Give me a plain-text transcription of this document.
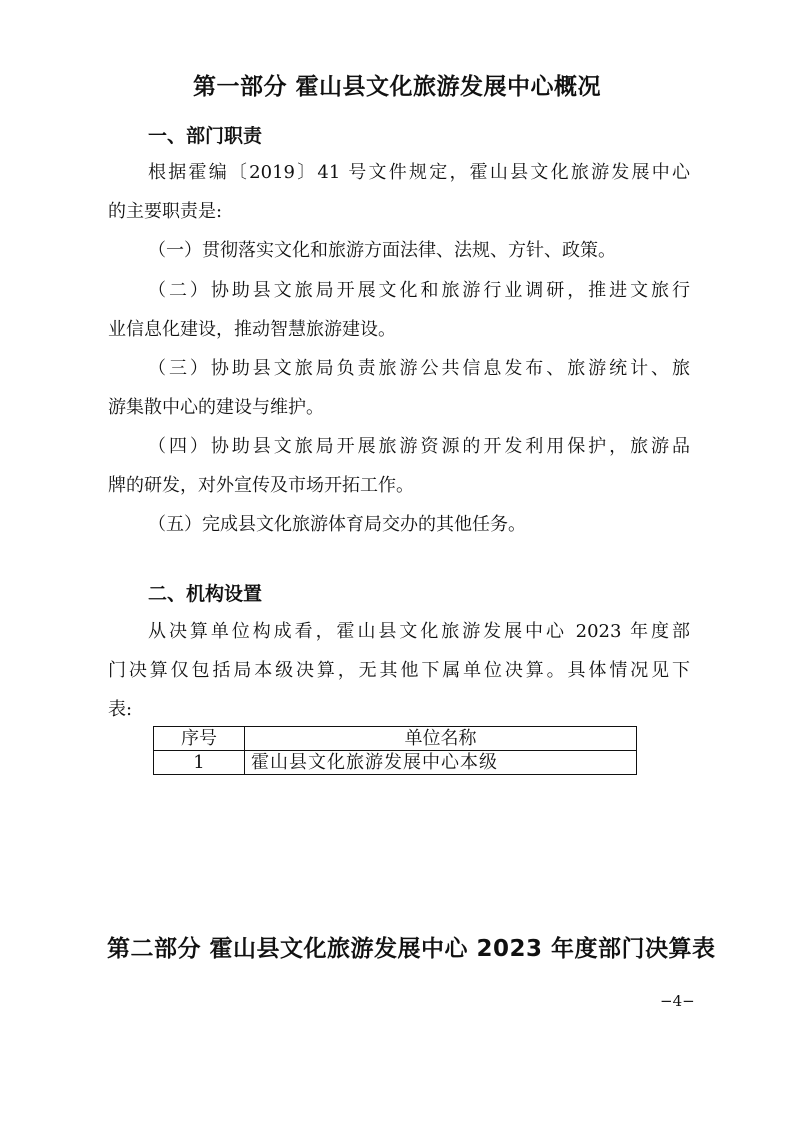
第一部分 霍山县文化旅游发展中心概况
一、部门职责
根据霍编〔2019〕41 号文件规定，霍山县文化旅游发展中心
的主要职责是:
（一）贯彻落实文化和旅游方面法律、法规、方针、政策。
（二）协助县文旅局开展文化和旅游行业调研，推进文旅行
业信息化建设，推动智慧旅游建设。
（三）协助县文旅局负责旅游公共信息发布、旅游统计、旅
游集散中心的建设与维护。
（四）协助县文旅局开展旅游资源的开发利用保护，旅游品
牌的研发，对外宣传及市场开拓工作。
（五）完成县文化旅游体育局交办的其他任务。
二、机构设置
从决算单位构成看，霍山县文化旅游发展中心 2023 年度部
门决算仅包括局本级决算，无其他下属单位决算。具体情况见下
表:
序号	单位名称
1	霍山县文化旅游发展中心本级
第二部分 霍山县文化旅游发展中心 2023 年度部门决算表
−4−
